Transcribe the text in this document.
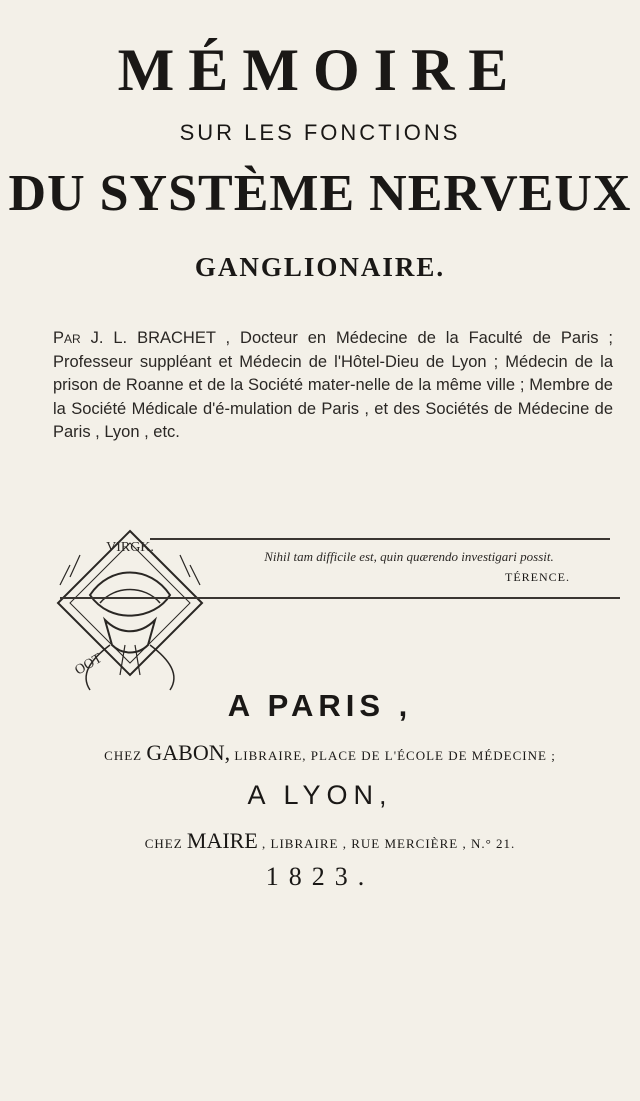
MÉMOIRE
SUR LES FONCTIONS
DU SYSTÈME NERVEUX
GANGLIONAIRE.
Par J. L. BRACHET , Docteur en Médecine de la Faculté de Paris ; Professeur suppléant et Médecin de l'Hôtel-Dieu de Lyon ; Médecin de la prison de Roanne et de la Société mater-nelle de la même ville ; Membre de la Société Médicale d'é-mulation de Paris , et des Sociétés de Médecine de Paris , Lyon , etc.
VIRGK.
OOT
Nihil tam difficile est, quin quærendo investigari possit.
TÉRENCE.
A PARIS ,
CHEZ GABON, LIBRAIRE, PLACE DE L'ÉCOLE DE MÉDECINE ;
A LYON,
CHEZ MAIRE , LIBRAIRE , RUE MERCIÈRE , N.° 21.
1823.
